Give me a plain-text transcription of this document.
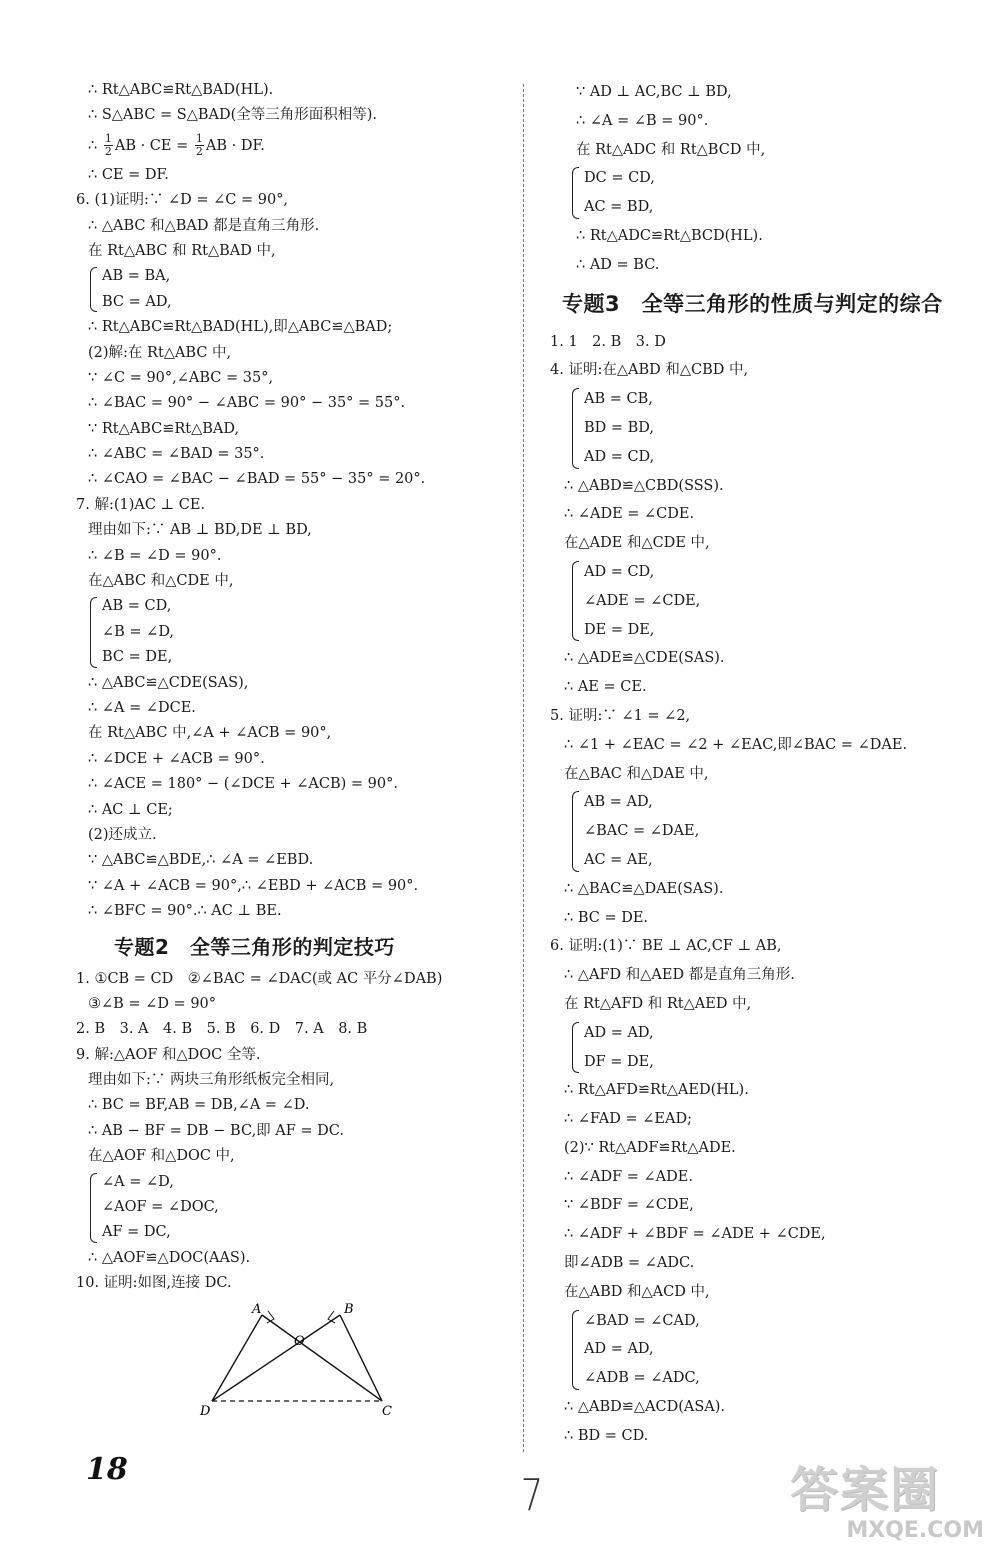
∴ Rt△ABC≌Rt△BAD(HL).
∴ S△ABC = S△BAD(全等三角形面积相等).
∴ $\frac{1}{2}$ AB · CE = $\frac{1}{2}$ AB · DF.
∴ CE = DF.
6. (1)证明:∵ ∠D = ∠C = 90°,
∴ △ABC 和△BAD 都是直角三角形.
在 Rt△ABC 和 Rt△BAD 中,
AB = BA,
BC = AD,
∴ Rt△ABC≌Rt△BAD(HL),即△ABC≌△BAD;
(2)解:在 Rt△ABC 中,
∵ ∠C = 90°,∠ABC = 35°,
∴ ∠BAC = 90° − ∠ABC = 90° − 35° = 55°.
∵ Rt△ABC≌Rt△BAD,
∴ ∠ABC = ∠BAD = 35°.
∴ ∠CAO = ∠BAC − ∠BAD = 55° − 35° = 20°.
7. 解:(1)AC ⊥ CE.
理由如下:∵ AB ⊥ BD,DE ⊥ BD,
∴ ∠B = ∠D = 90°.
在△ABC 和△CDE 中,
AB = CD,
∠B = ∠D,
BC = DE,
∴ △ABC≌△CDE(SAS),
∴ ∠A = ∠DCE.
在 Rt△ABC 中,∠A + ∠ACB = 90°,
∴ ∠DCE + ∠ACB = 90°.
∴ ∠ACE = 180° − (∠DCE + ∠ACB) = 90°.
∴ AC ⊥ CE;
(2)还成立.
∵ △ABC≌△BDE,∴ ∠A = ∠EBD.
∵ ∠A + ∠ACB = 90°,∴ ∠EBD + ∠ACB = 90°.
∴ ∠BFC = 90°.∴ AC ⊥ BE.
专题2　全等三角形的判定技巧
1. ①CB = CD　②∠BAC = ∠DAC(或 AC 平分∠DAB)
③∠B = ∠D = 90°
2. B　3. A　4. B　5. B　6. D　7. A　8. B
9. 解:△AOF 和△DOC 全等.
理由如下:∵ 两块三角形纸板完全相同,
∴ BC = BF,AB = DB,∠A = ∠D.
∴ AB − BF = DB − BC,即 AF = DC.
在△AOF 和△DOC 中,
∠A = ∠D,
∠AOF = ∠DOC,
AF = DC,
∴ △AOF≌△DOC(AAS).
10. 证明:如图,连接 DC.
A	B
O
D	C
∵ AD ⊥ AC,BC ⊥ BD,
∴ ∠A = ∠B = 90°.
在 Rt△ADC 和 Rt△BCD 中,
DC = CD,
AC = BD,
∴ Rt△ADC≌Rt△BCD(HL).
∴ AD = BC.
专题3　全等三角形的性质与判定的综合
1. 1　2. B　3. D
4. 证明:在△ABD 和△CBD 中,
AB = CB,
BD = BD,
AD = CD,
∴ △ABD≌△CBD(SSS).
∴ ∠ADE = ∠CDE.
在△ADE 和△CDE 中,
AD = CD,
∠ADE = ∠CDE,
DE = DE,
∴ △ADE≌△CDE(SAS).
∴ AE = CE.
5. 证明:∵ ∠1 = ∠2,
∴ ∠1 + ∠EAC = ∠2 + ∠EAC,即∠BAC = ∠DAE.
在△BAC 和△DAE 中,
AB = AD,
∠BAC = ∠DAE,
AC = AE,
∴ △BAC≌△DAE(SAS).
∴ BC = DE.
6. 证明:(1)∵ BE ⊥ AC,CF ⊥ AB,
∴ △AFD 和△AED 都是直角三角形.
在 Rt△AFD 和 Rt△AED 中,
AD = AD,
DF = DE,
∴ Rt△AFD≌Rt△AED(HL).
∴ ∠FAD = ∠EAD;
(2)∵ Rt△ADF≌Rt△ADE.
∴ ∠ADF = ∠ADE.
∵ ∠BDF = ∠CDE,
∴ ∠ADF + ∠BDF = ∠ADE + ∠CDE,
即∠ADB = ∠ADC.
在△ABD 和△ACD 中,
∠BAD = ∠CAD,
AD = AD,
∠ADB = ∠ADC,
∴ △ABD≌△ACD(ASA).
∴ BD = CD.
18
7	答案圈
MXQE.COM
